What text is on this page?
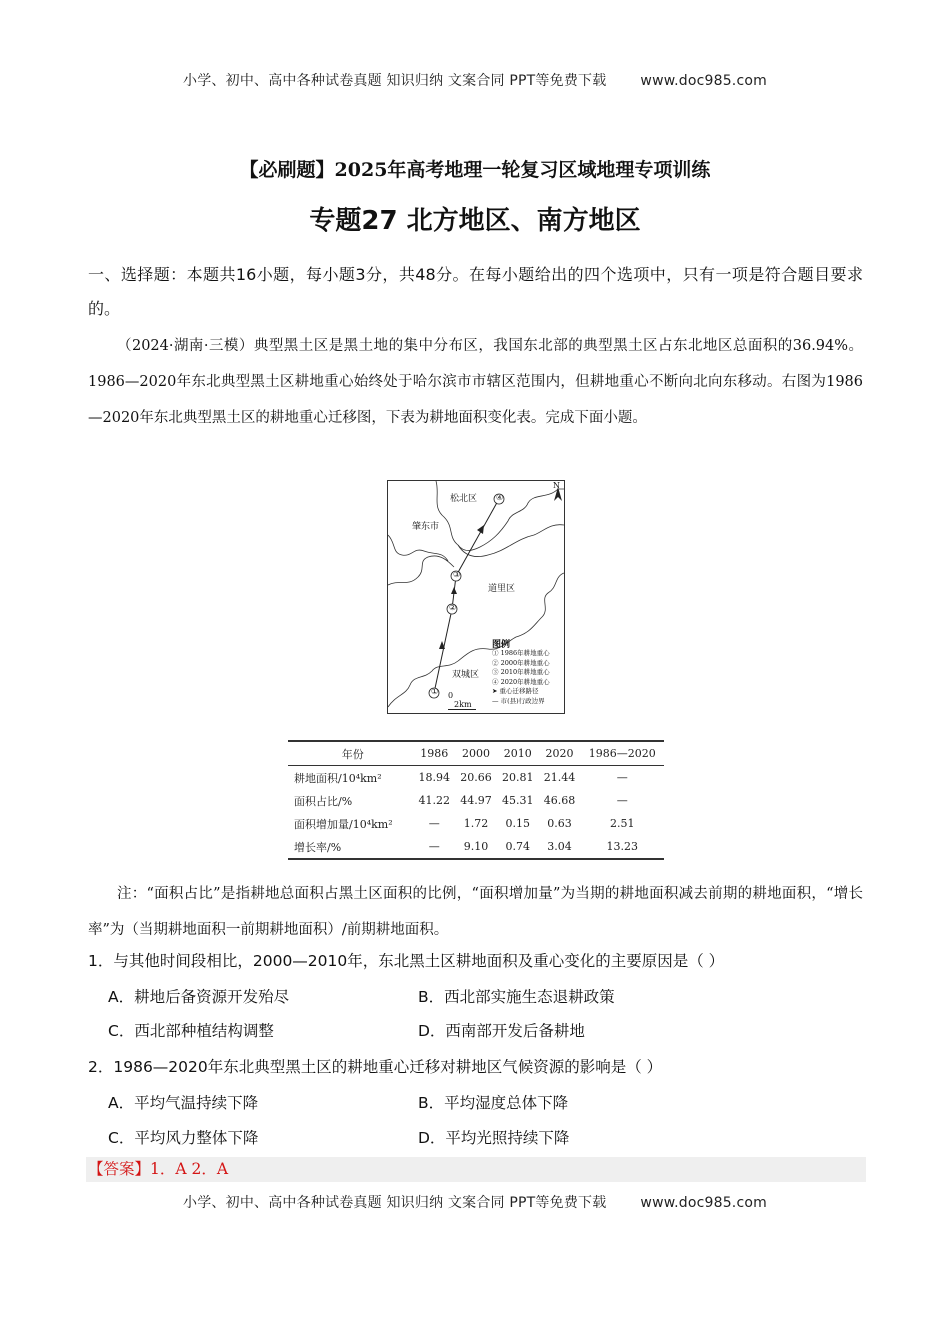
小学、初中、高中各种试卷真题 知识归纳 文案合同 PPT等免费下载 www.doc985.com
【必刷题】2025年高考地理一轮复习区域地理专项训练
专题27 北方地区、南方地区
一、选择题：本题共16小题，每小题3分，共48分。在每小题给出的四个选项中，只有一项是符合题目要求的。
（2024·湖南·三模）典型黑土区是黑土地的集中分布区，我国东北部的典型黑土区占东北地区总面积的36.94%。1986—2020年东北典型黑土区耕地重心始终处于哈尔滨市市辖区范围内，但耕地重心不断向北向东移动。右图为1986—2020年东北典型黑土区的耕地重心迁移图，下表为耕地面积变化表。完成下面小题。
N
松北区
肇东市
道里区
双城区
①
②
③
④
图例
① 1986年耕地重心
② 2000年耕地重心
③ 2010年耕地重心
④ 2020年耕地重心
➤ 重心迁移路径
— 市(县)行政边界
0 2km
年份	1986	2000	2010	2020	1986—2020
耕地面积/10⁴km²	18.94	20.66	20.81	21.44	—
面积占比/%	41.22	44.97	45.31	46.68	—
面积增加量/10⁴km²	—	1.72	0.15	0.63	2.51
增长率/%	—	9.10	0.74	3.04	13.23
注：“面积占比”是指耕地总面积占黑土区面积的比例，“面积增加量”为当期的耕地面积减去前期的耕地面积，“增长率”为（当期耕地面积一前期耕地面积）/前期耕地面积。
1．与其他时间段相比，2000—2010年，东北黑土区耕地面积及重心变化的主要原因是（ ）
A．耕地后备资源开发殆尽	B．西北部实施生态退耕政策
C．西北部种植结构调整	D．西南部开发后备耕地
2．1986—2020年东北典型黑土区的耕地重心迁移对耕地区气候资源的影响是（ ）
A．平均气温持续下降	B．平均湿度总体下降
C．平均风力整体下降	D．平均光照持续下降
【答案】1．A 2．A
小学、初中、高中各种试卷真题 知识归纳 文案合同 PPT等免费下载 www.doc985.com
